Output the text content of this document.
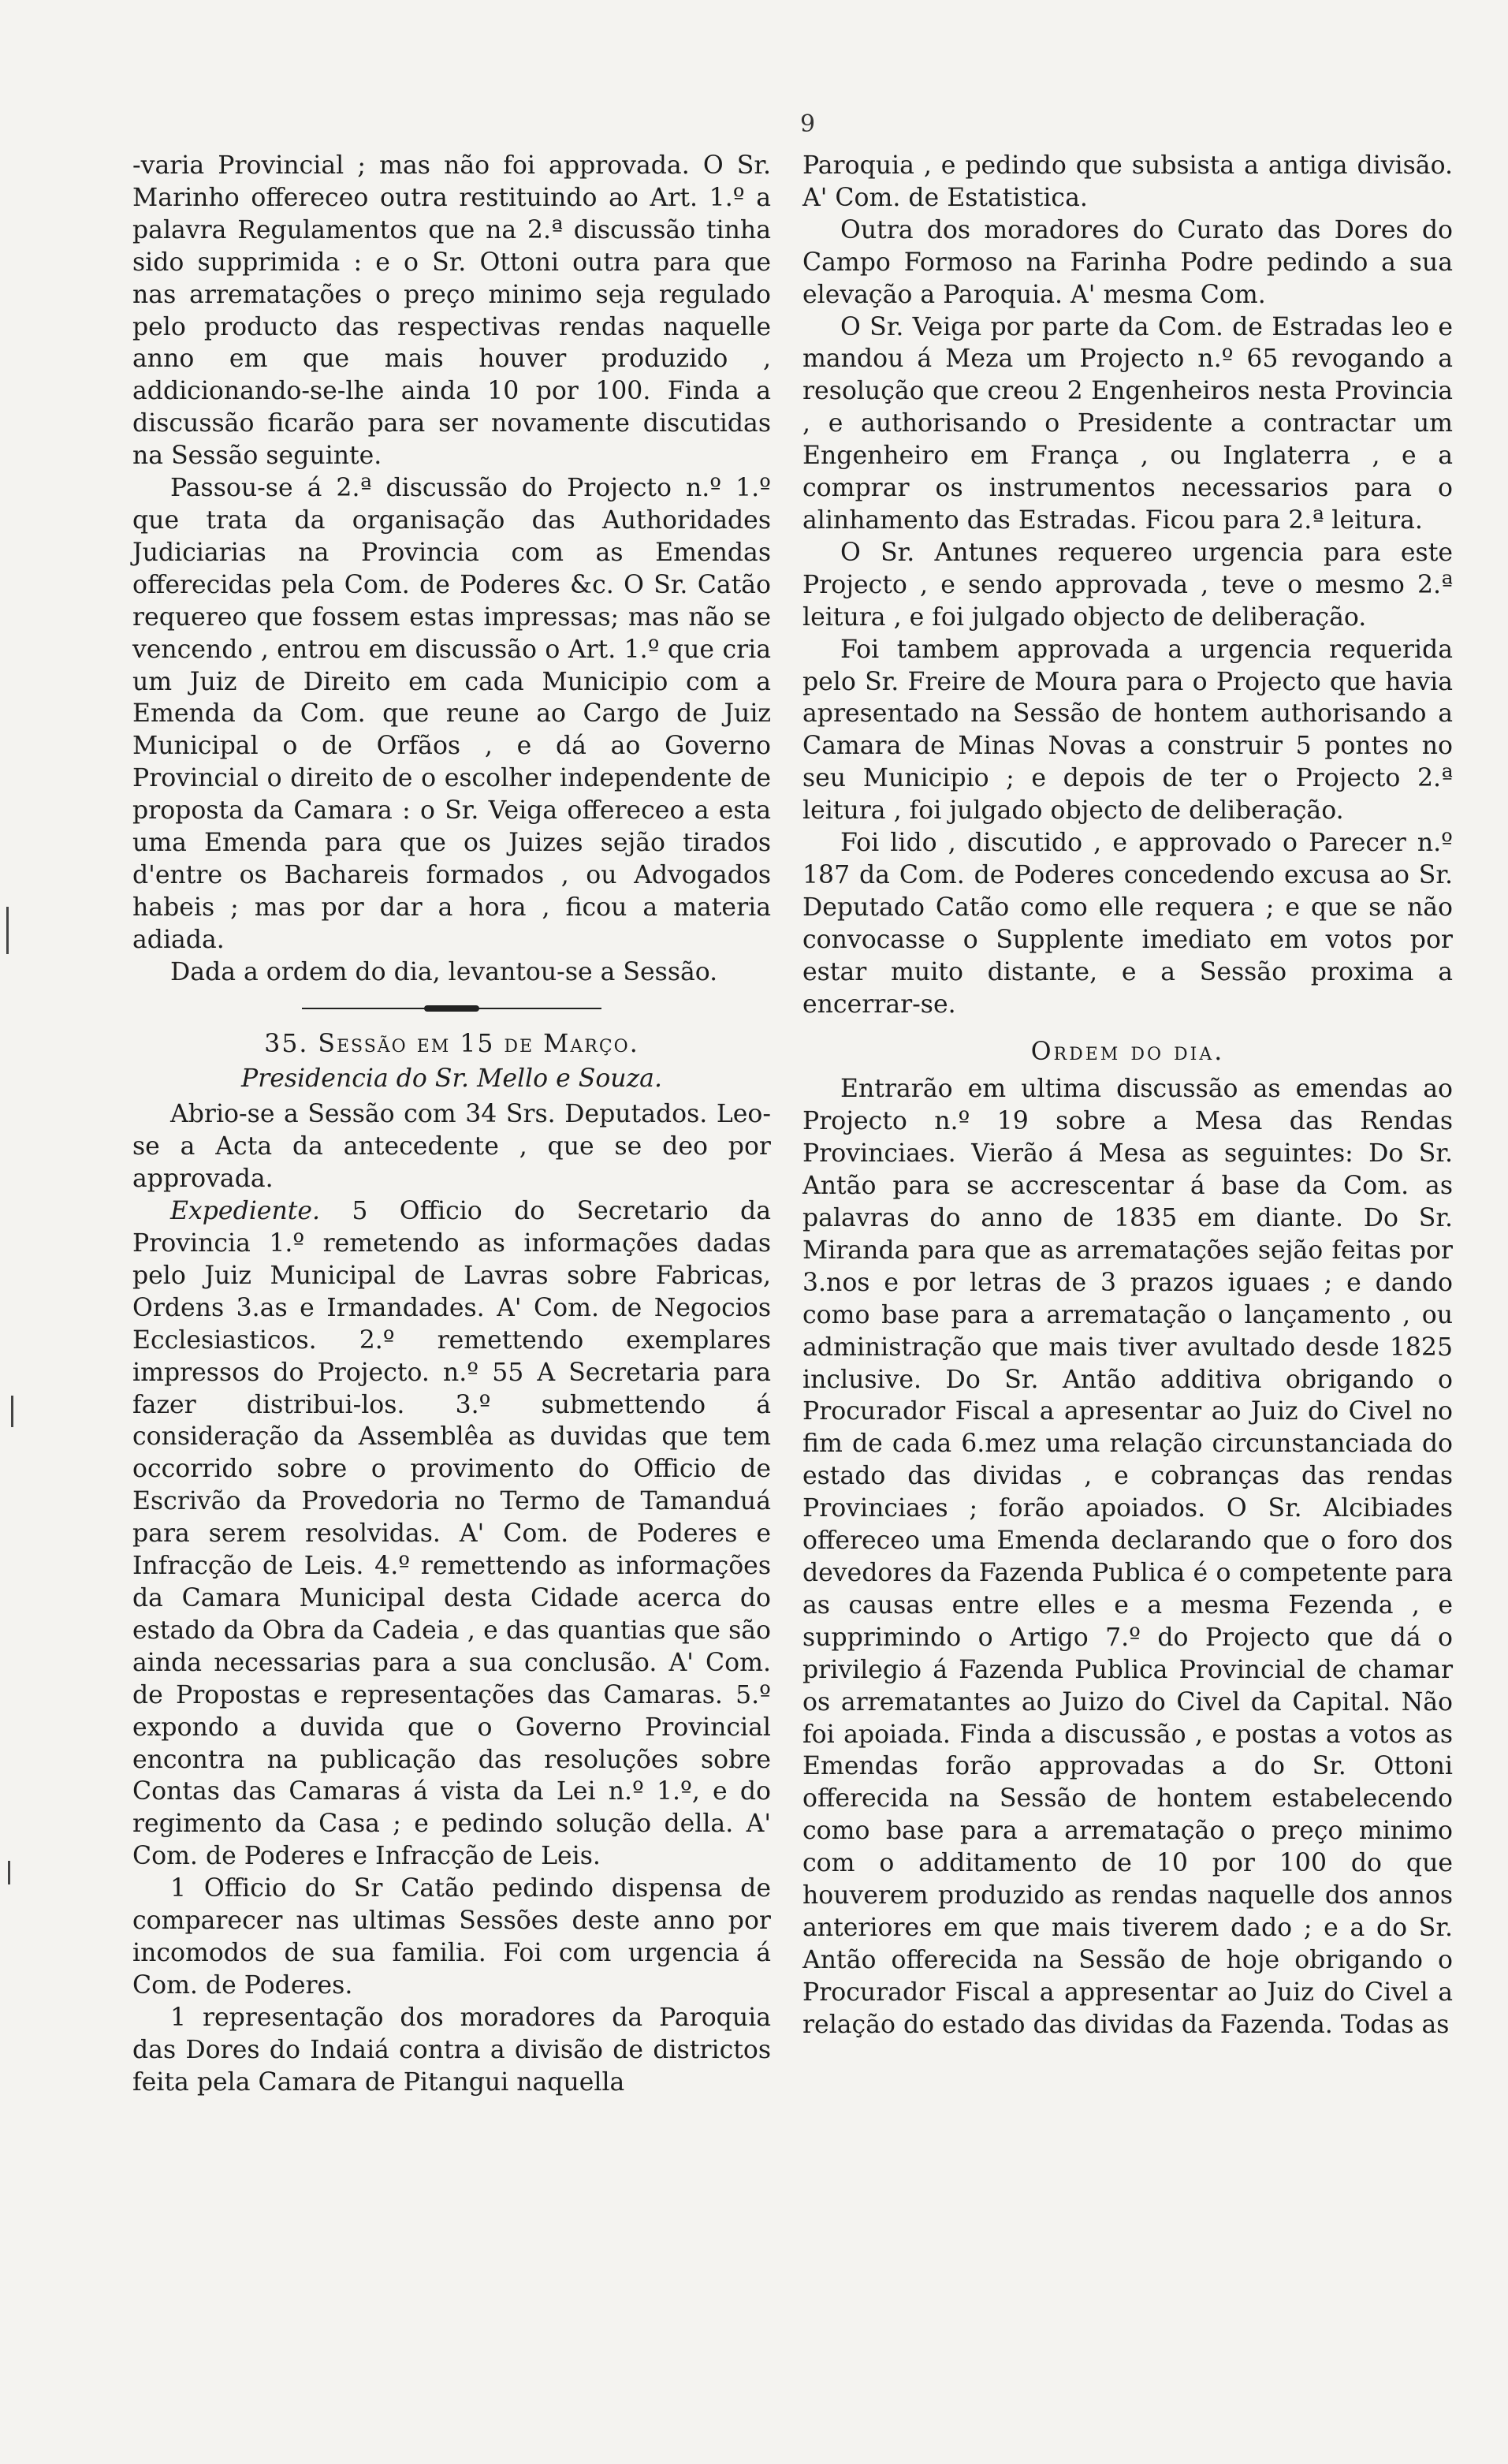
9

-varia Provincial ; mas não foi approvada. O Sr. Marinho offereceo outra restituindo ao Art. 1.º a palavra Regulamentos que na 2.ª discussão tinha sido supprimida : e o Sr. Ottoni outra para que nas arrematações o preço minimo seja regulado pelo producto das respectivas rendas naquelle anno em que mais houver produzido , addicionando-se-lhe ainda 10 por 100. Finda a discussão ficarão para ser novamente discutidas na Sessão seguinte.

Passou-se á 2.ª discussão do Projecto n.º 1.º que trata da organisação das Authoridades Judiciarias na Provincia com as Emendas offerecidas pela Com. de Poderes &c. O Sr. Catão requereo que fossem estas impressas; mas não se vencendo , entrou em discussão o Art. 1.º que cria um Juiz de Direito em cada Municipio com a Emenda da Com. que reune ao Cargo de Juiz Municipal o de Orfãos , e dá ao Governo Provincial o direito de o escolher independente de proposta da Camara : o Sr. Veiga offereceo a esta uma Emenda para que os Juizes sejão tirados d'entre os Bachareis formados , ou Advogados habeis ; mas por dar a hora , ficou a materia adiada.

Dada a ordem do dia, levantou-se a Sessão.

35. Sessão em 15 de Março.
Presidencia do Sr. Mello e Souza.

Abrio-se a Sessão com 34 Srs. Deputados. Leo-se a Acta da antecedente , que se deo por approvada.

Expediente. 5 Officio do Secretario da Provincia 1.º remetendo as informações dadas pelo Juiz Municipal de Lavras sobre Fabricas, Ordens 3.as e Irmandades. A' Com. de Negocios Ecclesiasticos. 2.º remettendo exemplares impressos do Projecto. n.º 55 A Secretaria para fazer distribui-los. 3.º submettendo á consideração da Assemblêa as duvidas que tem occorrido sobre o provimento do Officio de Escrivão da Provedoria no Termo de Tamanduá para serem resolvidas. A' Com. de Poderes e Infracção de Leis. 4.º remettendo as informações da Camara Municipal desta Cidade acerca do estado da Obra da Cadeia , e das quantias que são ainda necessarias para a sua conclusão. A' Com. de Propostas e representações das Camaras. 5.º expondo a duvida que o Governo Provincial encontra na publicação das resoluções sobre Contas das Camaras á vista da Lei n.º 1.º, e do regimento da Casa ; e pedindo solução della. A' Com. de Poderes e Infracção de Leis.

1 Officio do Sr Catão pedindo dispensa de comparecer nas ultimas Sessões deste anno por incomodos de sua familia. Foi com urgencia á Com. de Poderes.

1 representação dos moradores da Paroquia das Dores do Indaiá contra a divisão de districtos feita pela Camara de Pitangui naquella

Paroquia , e pedindo que subsista a antiga divisão. A' Com. de Estatistica.

Outra dos moradores do Curato das Dores do Campo Formoso na Farinha Podre pedindo a sua elevação a Paroquia. A' mesma Com.

O Sr. Veiga por parte da Com. de Estradas leo e mandou á Meza um Projecto n.º 65 revogando a resolução que creou 2 Engenheiros nesta Provincia , e authorisando o Presidente a contractar um Engenheiro em França , ou Inglaterra , e a comprar os instrumentos necessarios para o alinhamento das Estradas. Ficou para 2.ª leitura.

O Sr. Antunes requereo urgencia para este Projecto , e sendo approvada , teve o mesmo 2.ª leitura , e foi julgado objecto de deliberação.

Foi tambem approvada a urgencia requerida pelo Sr. Freire de Moura para o Projecto que havia apresentado na Sessão de hontem authorisando a Camara de Minas Novas a construir 5 pontes no seu Municipio ; e depois de ter o Projecto 2.ª leitura , foi julgado objecto de deliberação.

Foi lido , discutido , e approvado o Parecer n.º 187 da Com. de Poderes concedendo excusa ao Sr. Deputado Catão como elle requera ; e que se não convocasse o Supplente imediato em votos por estar muito distante, e a Sessão proxima a encerrar-se.

Ordem do dia.

Entrarão em ultima discussão as emendas ao Projecto n.º 19 sobre a Mesa das Rendas Provinciaes. Vierão á Mesa as seguintes: Do Sr. Antão para se accrescentar á base da Com. as palavras do anno de 1835 em diante. Do Sr. Miranda para que as arrematações sejão feitas por 3.nos e por letras de 3 prazos iguaes ; e dando como base para a arrematação o lançamento , ou administração que mais tiver avultado desde 1825 inclusive. Do Sr. Antão additiva obrigando o Procurador Fiscal a apresentar ao Juiz do Civel no fim de cada 6.mez uma relação circunstanciada do estado das dividas , e cobranças das rendas Provinciaes ; forão apoiados. O Sr. Alcibiades offereceo uma Emenda declarando que o foro dos devedores da Fazenda Publica é o competente para as causas entre elles e a mesma Fezenda , e supprimindo o Artigo 7.º do Projecto que dá o privilegio á Fazenda Publica Provincial de chamar os arrematantes ao Juizo do Civel da Capital. Não foi apoiada. Finda a discussão , e postas a votos as Emendas forão approvadas a do Sr. Ottoni offerecida na Sessão de hontem estabelecendo como base para a arrematação o preço minimo com o additamento de 10 por 100 do que houverem produzido as rendas naquelle dos annos anteriores em que mais tiverem dado ; e a do Sr. Antão offerecida na Sessão de hoje obrigando o Procurador Fiscal a appresentar ao Juiz do Civel a relação do estado das dividas da Fazenda. Todas as
